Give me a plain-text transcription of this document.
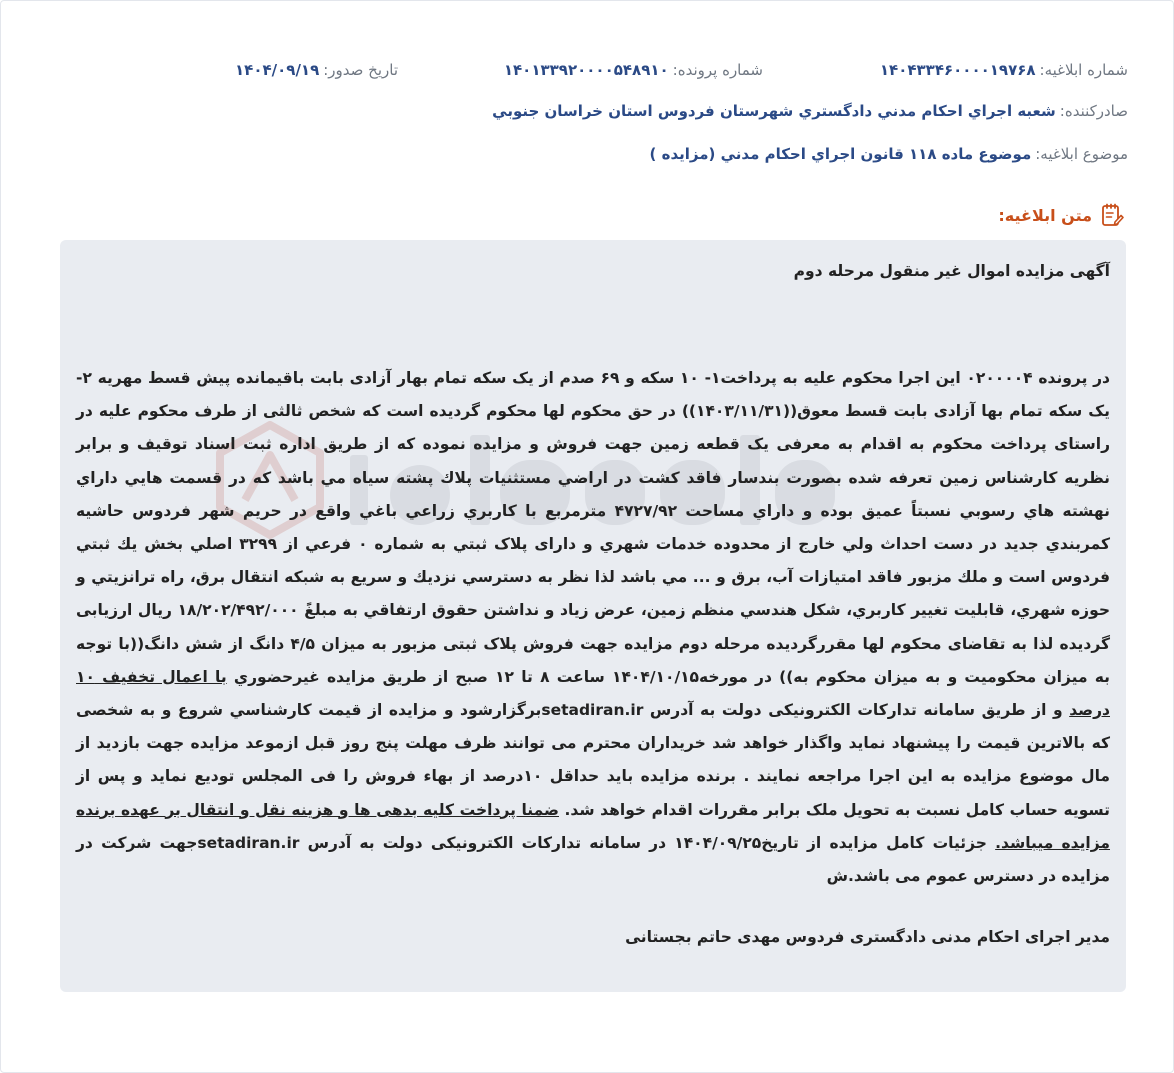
شماره ابلاغيه:
۱۴۰۴۳۳۴۶۰۰۰۰۱۹۷۶۸
شماره پرونده:
۱۴۰۱۳۳۹۲۰۰۰۰۵۴۸۹۱۰
تاريخ صدور:
۱۴۰۴/۰۹/۱۹
صادرکننده:
شعبه اجراي احكام مدني دادگستري شهرستان فردوس استان خراسان جنوبي
موضوع ابلاغيه:
موضوع ماده ۱۱۸ قانون اجراي احكام مدني (مزايده )
متن ابلاغيه:
آگهی مزایده اموال غیر منقول مرحله دوم
در پرونده ۰۲۰۰۰۰۴ این اجرا محکوم علیه به پرداخت۱- ۱۰ سکه و ۶۹ صدم از یک سکه تمام بهار آزادی بابت باقیمانده پیش قسط مهریه ۲- یک سکه تمام بها آزادی بابت قسط معوق((۱۴۰۳/۱۱/۳۱)) در حق محکوم لها محکوم گردیده است که شخص ثالثی از طرف محکوم علیه در راستای پرداخت محکوم به اقدام به معرفی یک قطعه زمین جهت فروش و مزایده نموده که از طریق اداره ثبت اسناد توقیف و برابر نظریه کارشناس زمین تعرفه شده بصورت بندسار فاقد كشت در اراضي مستثنيات پلاك پشته سياه مي باشد كه در قسمت هايي داراي نهشته هاي رسوبي نسبتاً عميق بوده و داراي مساحت ۴۷۲۷/۹۲ مترمربع با كاربري زراعي باغي واقع در حريم شهر فردوس حاشيه كمربندي جديد در دست احداث ولي خارج از محدوده خدمات شهري و دارای پلاک ثبتي به شماره ۰ فرعي از ۳۲۹۹ اصلي بخش يك ثبتي فردوس است و ملك مزبور فاقد امتيازات آب، برق و ... مي باشد لذا نظر به دسترسي نزديك و سريع به شبكه انتقال برق، راه ترانزيتي و حوزه شهري، قابليت تغيير كاربري، شكل هندسي منظم زمين، عرض زياد و نداشتن حقوق ارتفاقي به مبلغً ۱۸/۲۰۲/۴۹۲/۰۰۰ ريال ارزيابی گرديده لذا به تقاضای محکوم لها مقررگرديده مرحله دوم مزايده جهت فروش پلاک ثبتی مزبور به ميزان ۴/۵ دانگ از شش دانگ((با توجه به میزان محکومیت و به میزان محکوم به)) در مورخه۱۴۰۴/۱۰/۱۵ ساعت ۸ تا ۱۲ صبح از طريق مزايده غيرحضوري با اعمال تخفیف ۱۰ درصد و از طريق سامانه تداركات الكترونيكی دولت به آدرس setadiran.irبرگزارشود و مزايده از قيمت كارشناسي شروع و به شخصی كه بالاترين قيمت را پيشنهاد نمايد واگذار خواهد شد خريداران محترم می توانند ظرف مهلت پنج روز قبل ازموعد مزايده جهت بازديد از مال موضوع مزايده به اين اجرا مراجعه نمايند . برنده مزايده بايد حداقل ۱۰درصد از بهاء فروش را فی المجلس توديع نمايد و پس از تسويه حساب كامل نسبت به تحويل ملک برابر مقررات اقدام خواهد شد. ضمنا پرداخت كليه بدهی ها و هزينه نقل و انتقال بر عهده برنده مزايده ميباشد. جزئيات كامل مزايده از تاريخ۱۴۰۴/۰۹/۲۵ در سامانه تداركات الكترونيكی دولت به آدرس setadiran.irجهت شركت در مزايده در دسترس عموم می باشد.ش
مدير اجرای احكام مدنی دادگستری فردوس مهدی حاتم بجستانی
